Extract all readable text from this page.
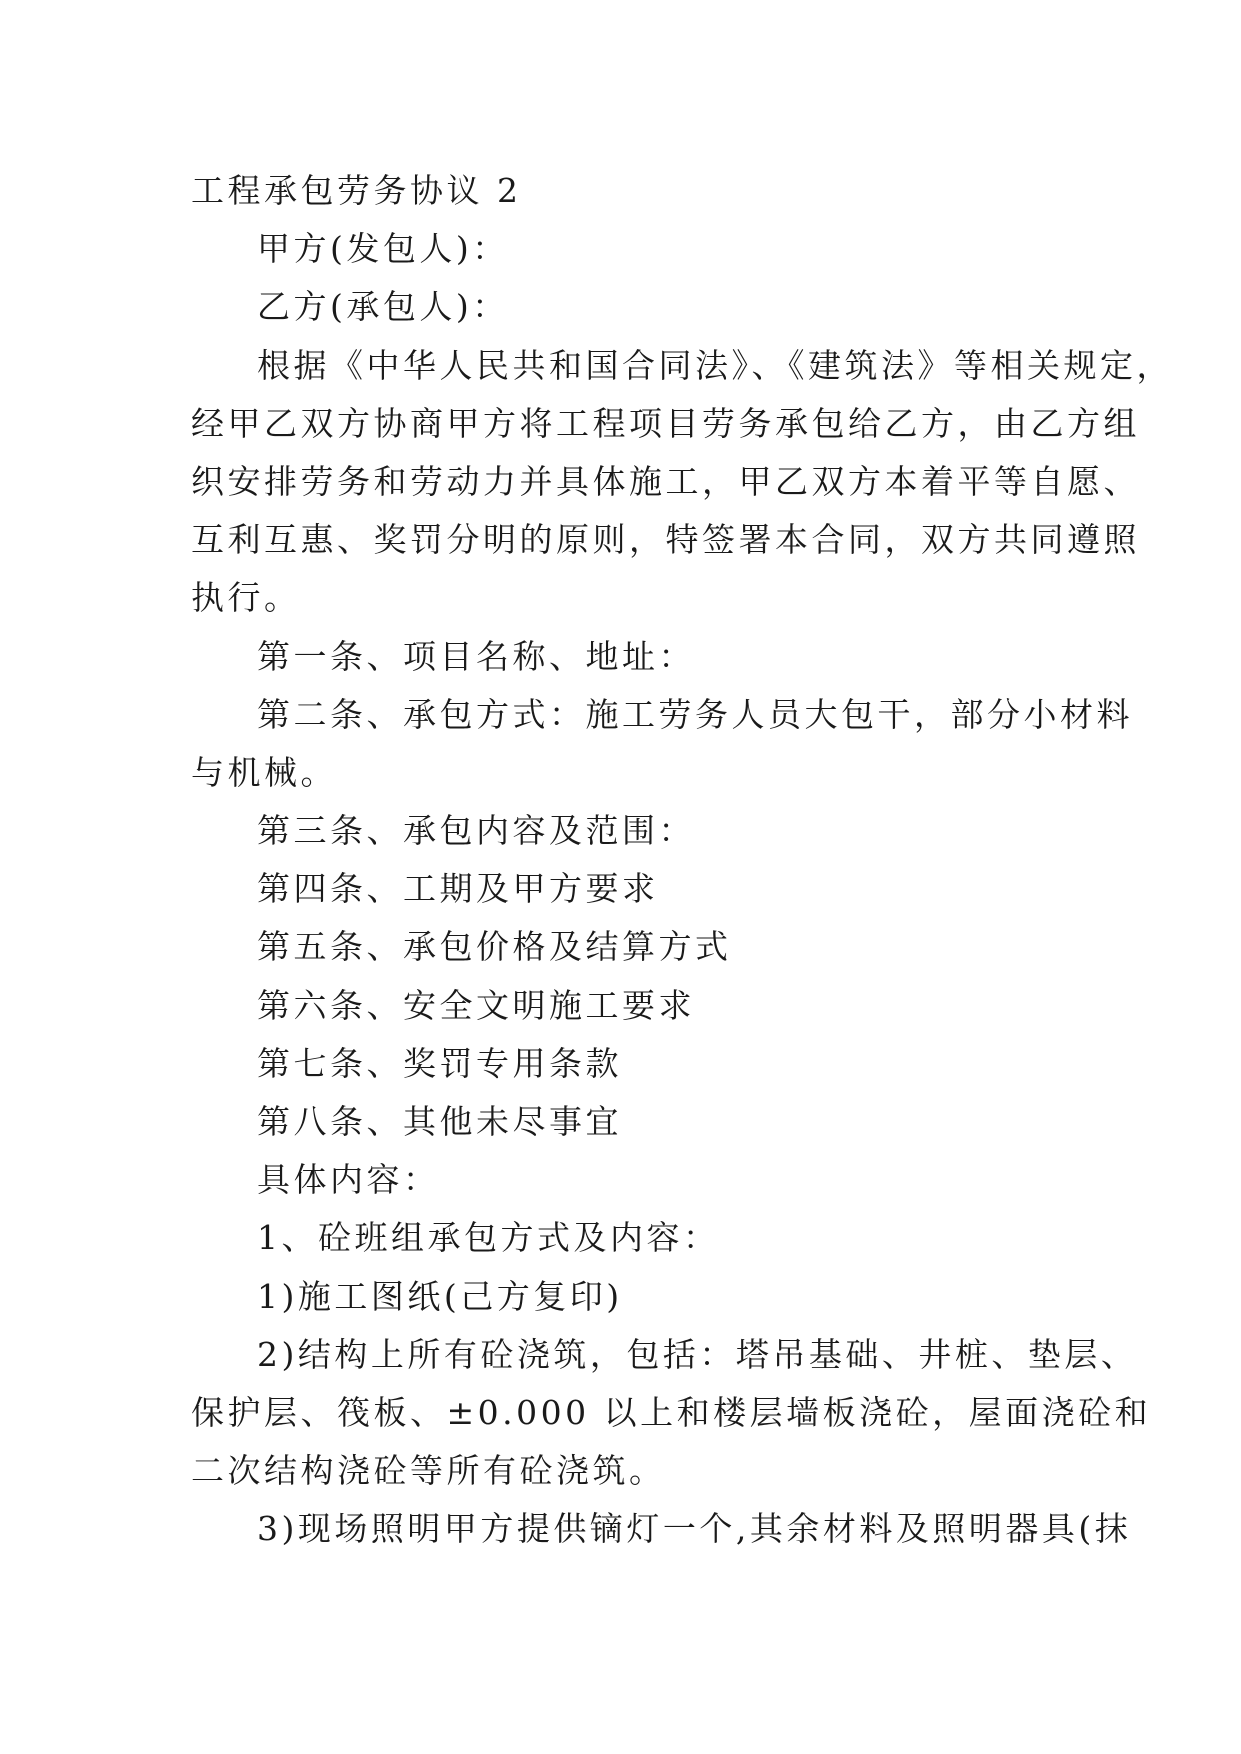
工程承包劳务协议 2
甲方(发包人)：
乙方(承包人)：
根据《中华人民共和国合同法》、《建筑法》等相关规定，
经甲乙双方协商甲方将工程项目劳务承包给乙方，由乙方组
织安排劳务和劳动力并具体施工，甲乙双方本着平等自愿、
互利互惠、奖罚分明的原则，特签署本合同，双方共同遵照
执行。
第一条、项目名称、地址：
第二条、承包方式：施工劳务人员大包干，部分小材料
与机械。
第三条、承包内容及范围：
第四条、工期及甲方要求
第五条、承包价格及结算方式
第六条、安全文明施工要求
第七条、奖罚专用条款
第八条、其他未尽事宜
具体内容：
1、砼班组承包方式及内容：
1)施工图纸(己方复印)
2)结构上所有砼浇筑，包括：塔吊基础、井桩、垫层、
保护层、筏板、±0.000 以上和楼层墙板浇砼，屋面浇砼和
二次结构浇砼等所有砼浇筑。
3)现场照明甲方提供镝灯一个,其余材料及照明器具(抹
